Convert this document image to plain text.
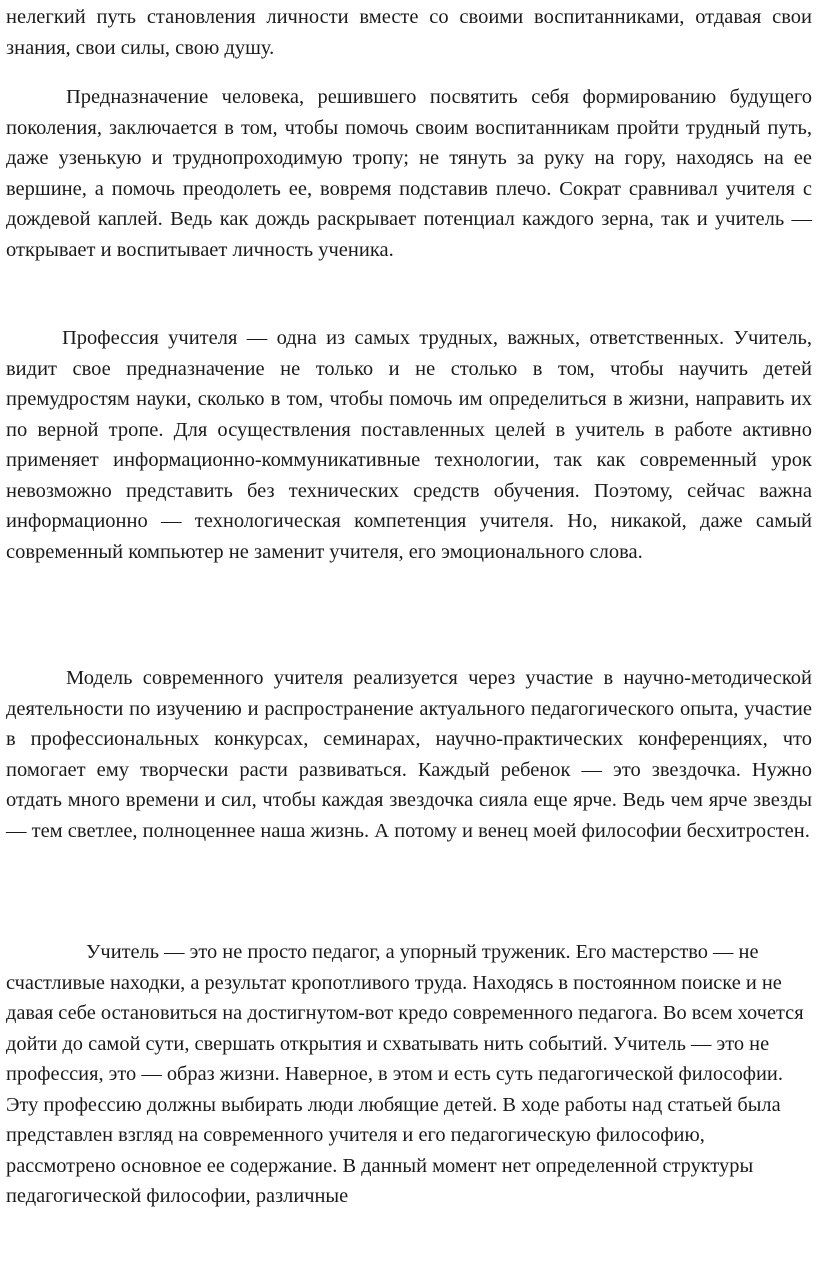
нелегкий путь становления личности вместе со своими воспитанниками, отдавая свои знания, свои силы, свою душу.

Предназначение человека, решившего посвятить себя формированию будущего поколения, заключается в том, чтобы помочь своим воспитанникам пройти трудный путь, даже узенькую и труднопроходимую тропу; не тянуть за руку на гору, находясь на ее вершине, а помочь преодолеть ее, вовремя подставив плечо. Сократ сравнивал учителя с дождевой каплей. Ведь как дождь раскрывает потенциал каждого зерна, так и учитель — открывает и воспитывает личность ученика.

Профессия учителя — одна из самых трудных, важных, ответственных. Учитель, видит свое предназначение не только и не столько в том, чтобы научить детей премудростям науки, сколько в том, чтобы помочь им определиться в жизни, направить их по верной тропе. Для осуществления поставленных целей в учитель в работе активно применяет информационно-коммуникативные технологии, так как современный урок невозможно представить без технических средств обучения. Поэтому, сейчас важна информационно — технологическая компетенция учителя. Но, никакой, даже самый современный компьютер не заменит учителя, его эмоционального слова.

Модель современного учителя реализуется через участие в научно-методической деятельности по изучению и распространение актуального педагогического опыта, участие в профессиональных конкурсах, семинарах, научно-практических конференциях, что помогает ему творчески расти развиваться. Каждый ребенок — это звездочка. Нужно отдать много времени и сил, чтобы каждая звездочка сияла еще ярче. Ведь чем ярче звезды — тем светлее, полноценнее наша жизнь. А потому и венец моей философии бесхитростен.

Учитель — это не просто педагог, а упорный труженик. Его мастерство — не счастливые находки, а результат кропотливого труда. Находясь в постоянном поиске и не давая себе остановиться на достигнутом-вот кредо современного педагога. Во всем хочется дойти до самой сути, свершать открытия и схватывать нить событий. Учитель — это не профессия, это — образ жизни. Наверное, в этом и есть суть педагогической философии. Эту профессию должны выбирать люди любящие детей. В ходе работы над статьей была представлен взгляд на современного учителя и его педагогическую философию, рассмотрено основное ее содержание. В данный момент нет определенной структуры педагогической философии, различные
